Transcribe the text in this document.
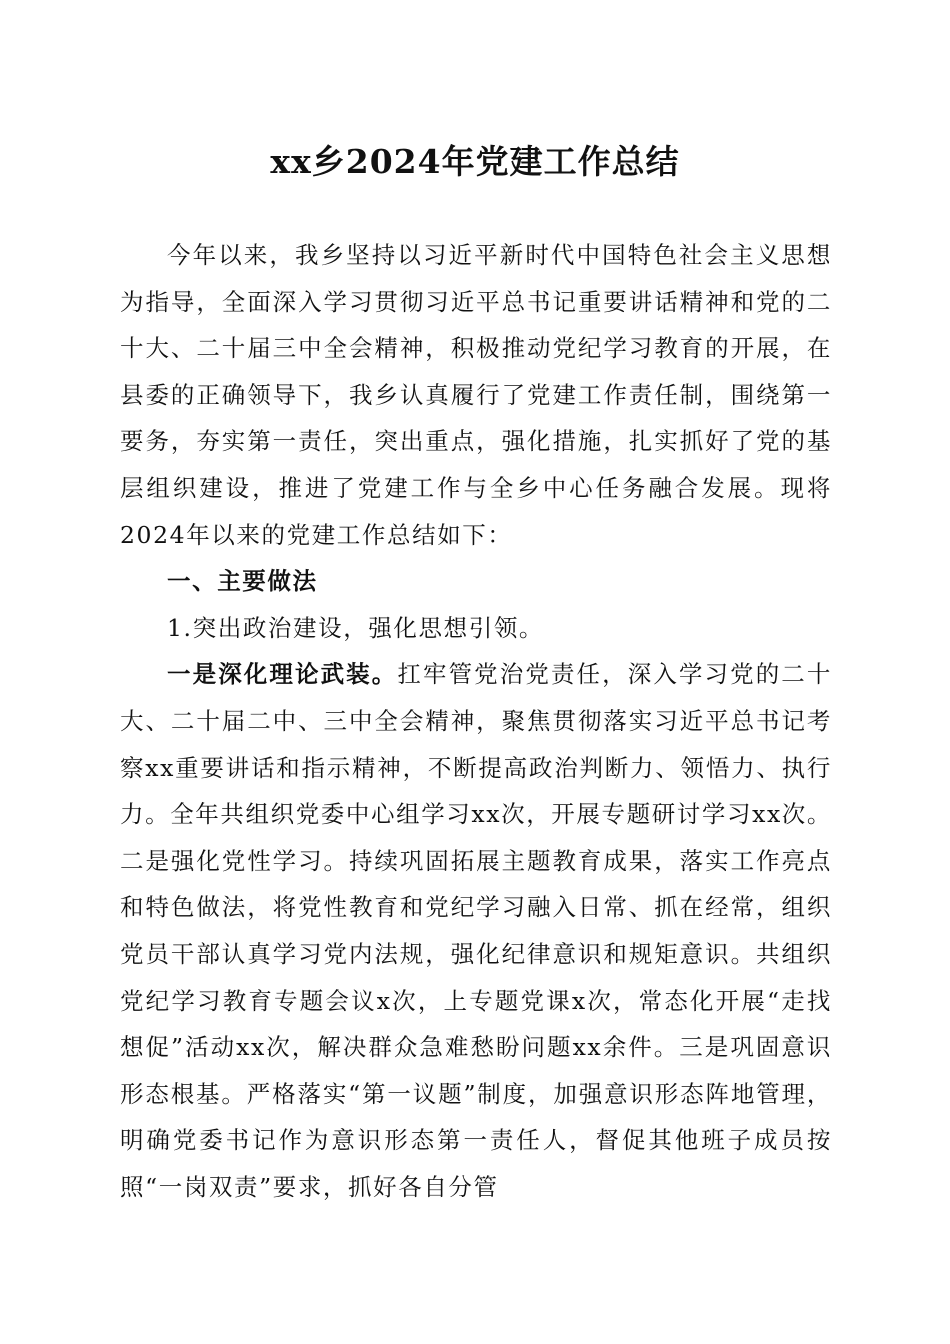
xx乡2024年党建工作总结

今年以来，我乡坚持以习近平新时代中国特色社会主义思想为指导，全面深入学习贯彻习近平总书记重要讲话精神和党的二十大、二十届三中全会精神，积极推动党纪学习教育的开展，在县委的正确领导下，我乡认真履行了党建工作责任制，围绕第一要务，夯实第一责任，突出重点，强化措施，扎实抓好了党的基层组织建设，推进了党建工作与全乡中心任务融合发展。现将2024年以来的党建工作总结如下：

一、主要做法

1.突出政治建设，强化思想引领。

一是深化理论武装。扛牢管党治党责任，深入学习党的二十大、二十届二中、三中全会精神，聚焦贯彻落实习近平总书记考察xx重要讲话和指示精神，不断提高政治判断力、领悟力、执行力。全年共组织党委中心组学习xx次，开展专题研讨学习xx次。二是强化党性学习。持续巩固拓展主题教育成果，落实工作亮点和特色做法，将党性教育和党纪学习融入日常、抓在经常，组织党员干部认真学习党内法规，强化纪律意识和规矩意识。共组织党纪学习教育专题会议x次，上专题党课x次，常态化开展“走找想促”活动xx次，解决群众急难愁盼问题xx余件。三是巩固意识形态根基。严格落实“第一议题”制度，加强意识形态阵地管理，明确党委书记作为意识形态第一责任人，督促其他班子成员按照“一岗双责”要求，抓好各自分管
